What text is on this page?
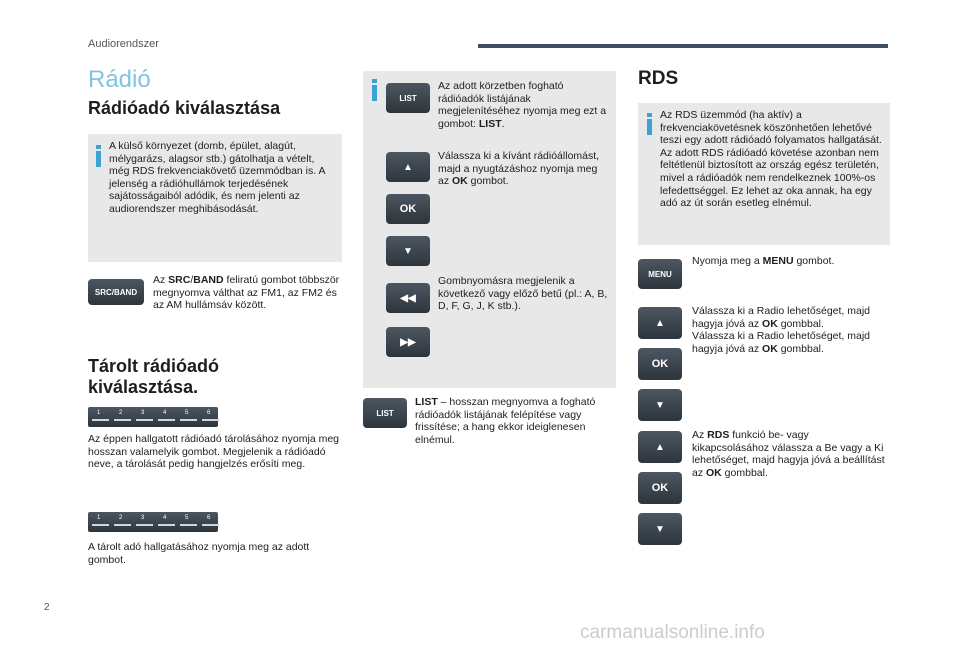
Audiorendszer
Rádió
Rádióadó kiválasztása
A külső környezet (domb, épület, alagút, mélygarázs, alagsor stb.) gátolhatja a vételt, még RDS frekvenciakövető üzemmódban is. A jelenség a rádióhullámok terjedésének sajátosságaiból adódik, és nem jelenti az audiorendszer meghibásodását.
SRC/BAND
Az SRC/BAND feliratú gombot többször megnyomva válthat az FM1, az FM2 és az AM hullámsáv között.
Tárolt rádióadó kiválasztása.
1	2	3	4	5	6
Az éppen hallgatott rádióadó tárolásához nyomja meg hosszan valamelyik gombot. Megjelenik a rádióadó neve, a tárolását pedig hangjelzés erősíti meg.
1	2	3	4	5	6
A tárolt adó hallgatásához nyomja meg az adott gombot.
LIST
Az adott körzetben fogható rádióadók listájának megjelenítéséhez nyomja meg ezt a gombot: LIST.
▲
OK
▼
Válassza ki a kívánt rádióállomást, majd a nyugtázáshoz nyomja meg az OK gombot.
◀◀
▶▶
Gombnyomásra megjelenik a következő vagy előző betű (pl.: A, B, D, F, G, J, K stb.).
LIST
LIST – hosszan megnyomva a fogható rádióadók listájának felépítése vagy frissítése; a hang ekkor ideiglenesen elnémul.
RDS
Az RDS üzemmód (ha aktív) a frekvenciakövetésnek köszönhetően lehetővé teszi egy adott rádióadó folyamatos hallgatását. Az adott RDS rádióadó követése azonban nem feltétlenül biztosított az ország egész területén, mivel a rádióadók nem rendelkeznek 100%-os lefedettséggel. Ez lehet az oka annak, ha egy adó az út során esetleg elnémul.
MENU
Nyomja meg a MENU gombot.
▲
OK
▼
Válassza ki a Radio lehetőséget, majd hagyja jóvá az OK gombbal.
Válassza ki a Radio lehetőséget, majd hagyja jóvá az OK gombbal.
▲
OK
▼
Az RDS funkció be- vagy kikapcsolásához válassza a Be vagy a Ki lehetőséget, majd hagyja jóvá a beállítást az OK gombbal.
2
carmanualsonline.info
